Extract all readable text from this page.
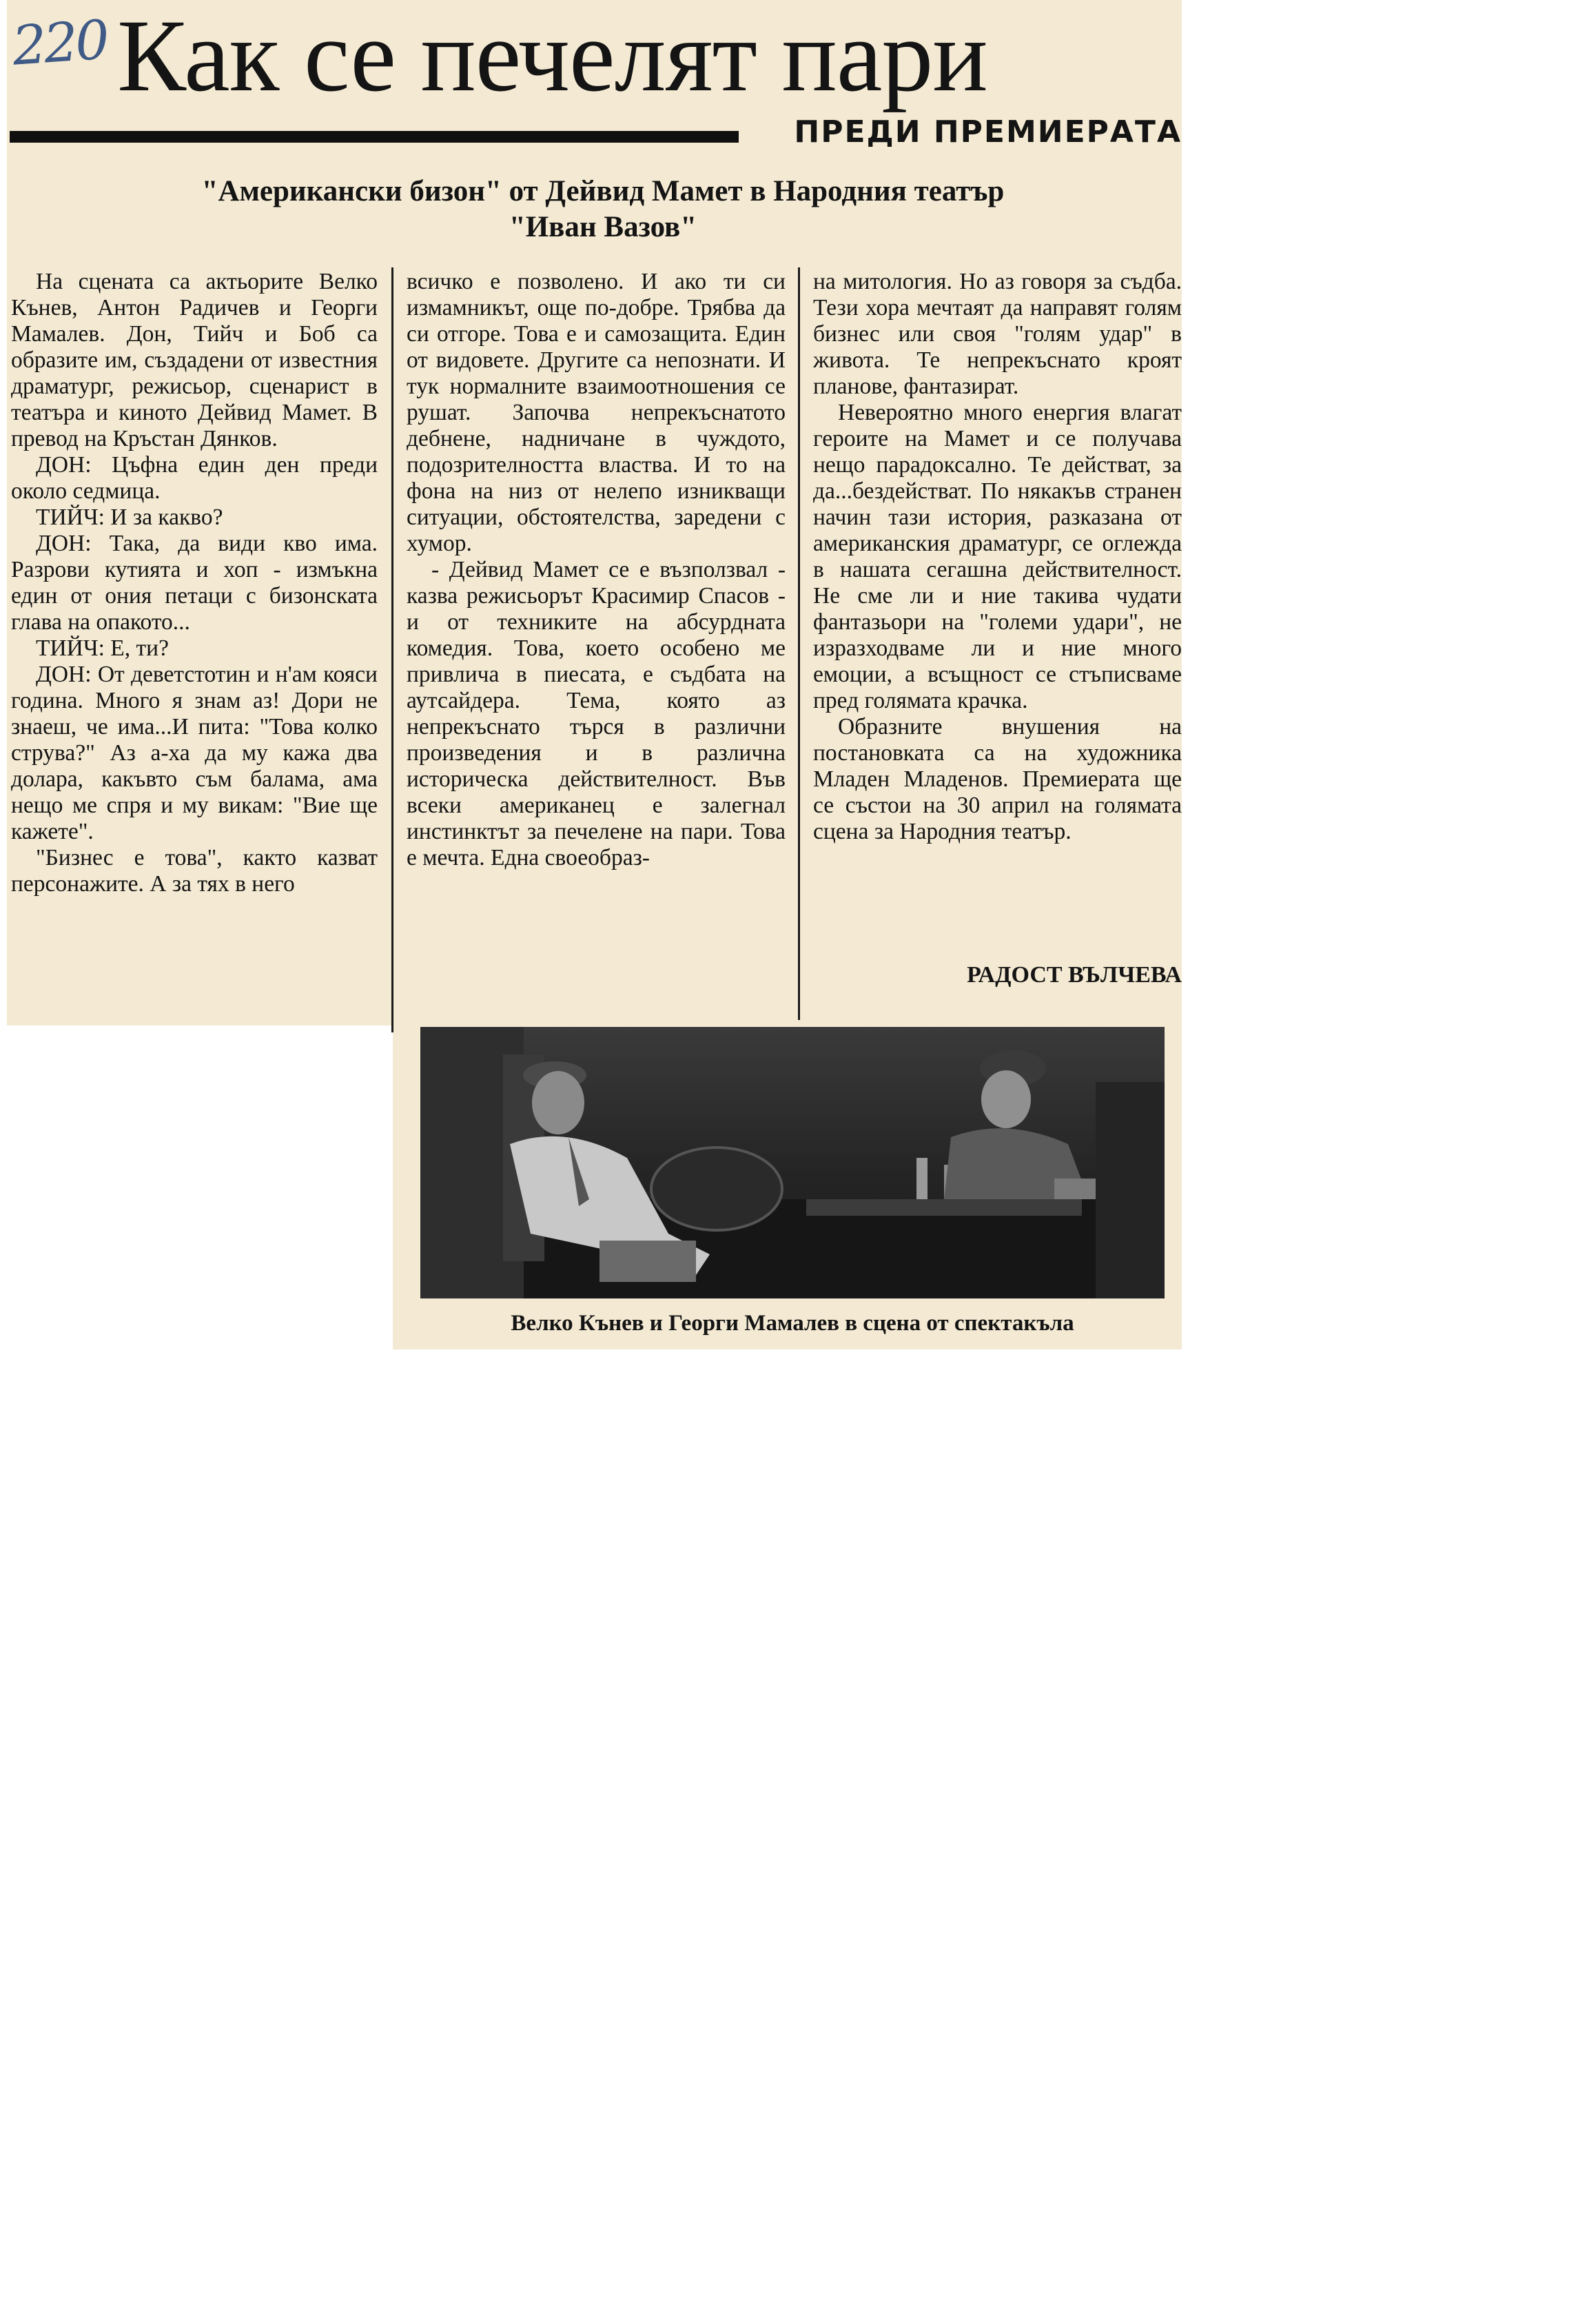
220 Как се печелят пари
ПРЕДИ ПРЕМИЕРАТА
"Американски бизон" от Дейвид Мамет в Народния театър
"Иван Вазов"

На сцената са актьорите Велко Кънев, Антон Радичев и Георги Мамалев. Дон, Тийч и Боб са образите им, създадени от известния драматург, режисьор, сценарист в театъра и киното Дейвид Мамет. В превод на Кръстан Дянков.

ДОН: Цъфна един ден преди около седмица.

ТИЙЧ: И за какво?

ДОН: Така, да види кво има. Разрови кутията и хоп - измъкна един от ония петаци с бизонската глава на опакото...

ТИЙЧ: Е, ти?

ДОН: От деветстотин и н'ам кояси година. Много я знам аз! Дори не знаеш, че има...И пита: "Това колко струва?" Аз а-ха да му кажа два долара, какъвто съм балама, ама нещо ме спря и му викам: "Вие ще кажете".

"Бизнес е това", както казват персонажите. А за тях в него

всичко е позволено. И ако ти си измамникът, още по-добре. Трябва да си отгоре. Това е и самозащита. Един от видовете. Другите са непознати. И тук нормалните взаимоотношения се рушат. Започва непрекъснатото дебнене, надничане в чуждото, подозрителността властва. И то на фона на низ от нелепо изникващи ситуации, обстоятелства, заредени с хумор.

- Дейвид Мамет се е възползвал - казва режисьорът Красимир Спасов - и от техниките на абсурдната комедия. Това, което особено ме привлича в пиесата, е съдбата на аутсайдера. Тема, която аз непрекъснато търся в различни произведения и в различна историческа действителност. Във всеки американец е залегнал инстинктът за печелене на пари. Това е мечта. Една своеобраз-

на митология. Но аз говоря за съдба. Тези хора мечтаят да направят голям бизнес или своя "голям удар" в живота. Те непрекъснато кроят планове, фантазират.

Невероятно много енергия влагат героите на Мамет и се получава нещо парадоксално. Те действат, за да...бездействат. По някакъв странен начин тази история, разказана от американския драматург, се оглежда в нашата сегашна действителност. Не сме ли и ние такива чудати фантазьори на "големи удари", не изразходваме ли и ние много емоции, а всъщност се стъписваме пред голямата крачка.

Образните внушения на постановката са на художника Младен Младенов. Премиерата ще се състои на 30 април на голямата сцена за Народния театър.

РАДОСТ ВЪЛЧЕВА

Иван Вазов
НАРОДЕН
ТЕАТЪР

Велко Кънев и Георги Мамалев в сцена от спектакъла
